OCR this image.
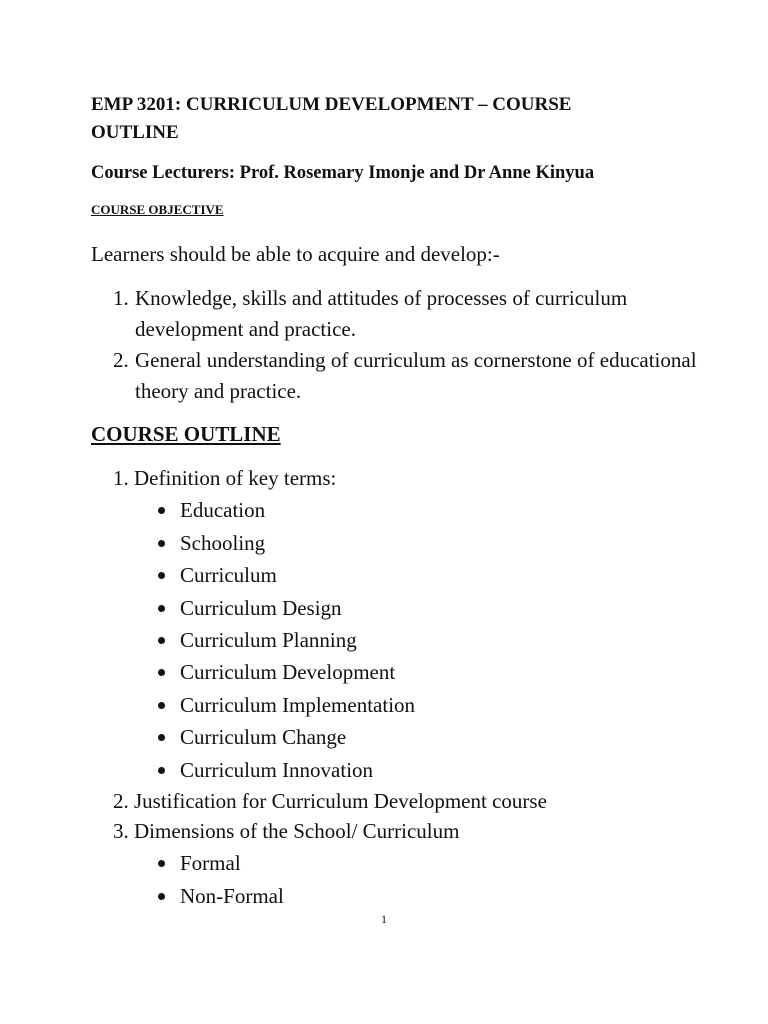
EMP 3201: CURRICULUM DEVELOPMENT – COURSE OUTLINE
Course Lecturers: Prof. Rosemary Imonje and Dr Anne Kinyua
COURSE OBJECTIVE
Learners should be able to acquire and develop:-
1. Knowledge, skills and attitudes of processes of curriculum development and practice.
2. General understanding of curriculum as cornerstone of educational theory and practice.
COURSE OUTLINE
1. Definition of key terms:
Education
Schooling
Curriculum
Curriculum Design
Curriculum Planning
Curriculum Development
Curriculum Implementation
Curriculum Change
Curriculum Innovation
2. Justification for Curriculum Development course
3. Dimensions of the School/ Curriculum
Formal
Non-Formal
1
